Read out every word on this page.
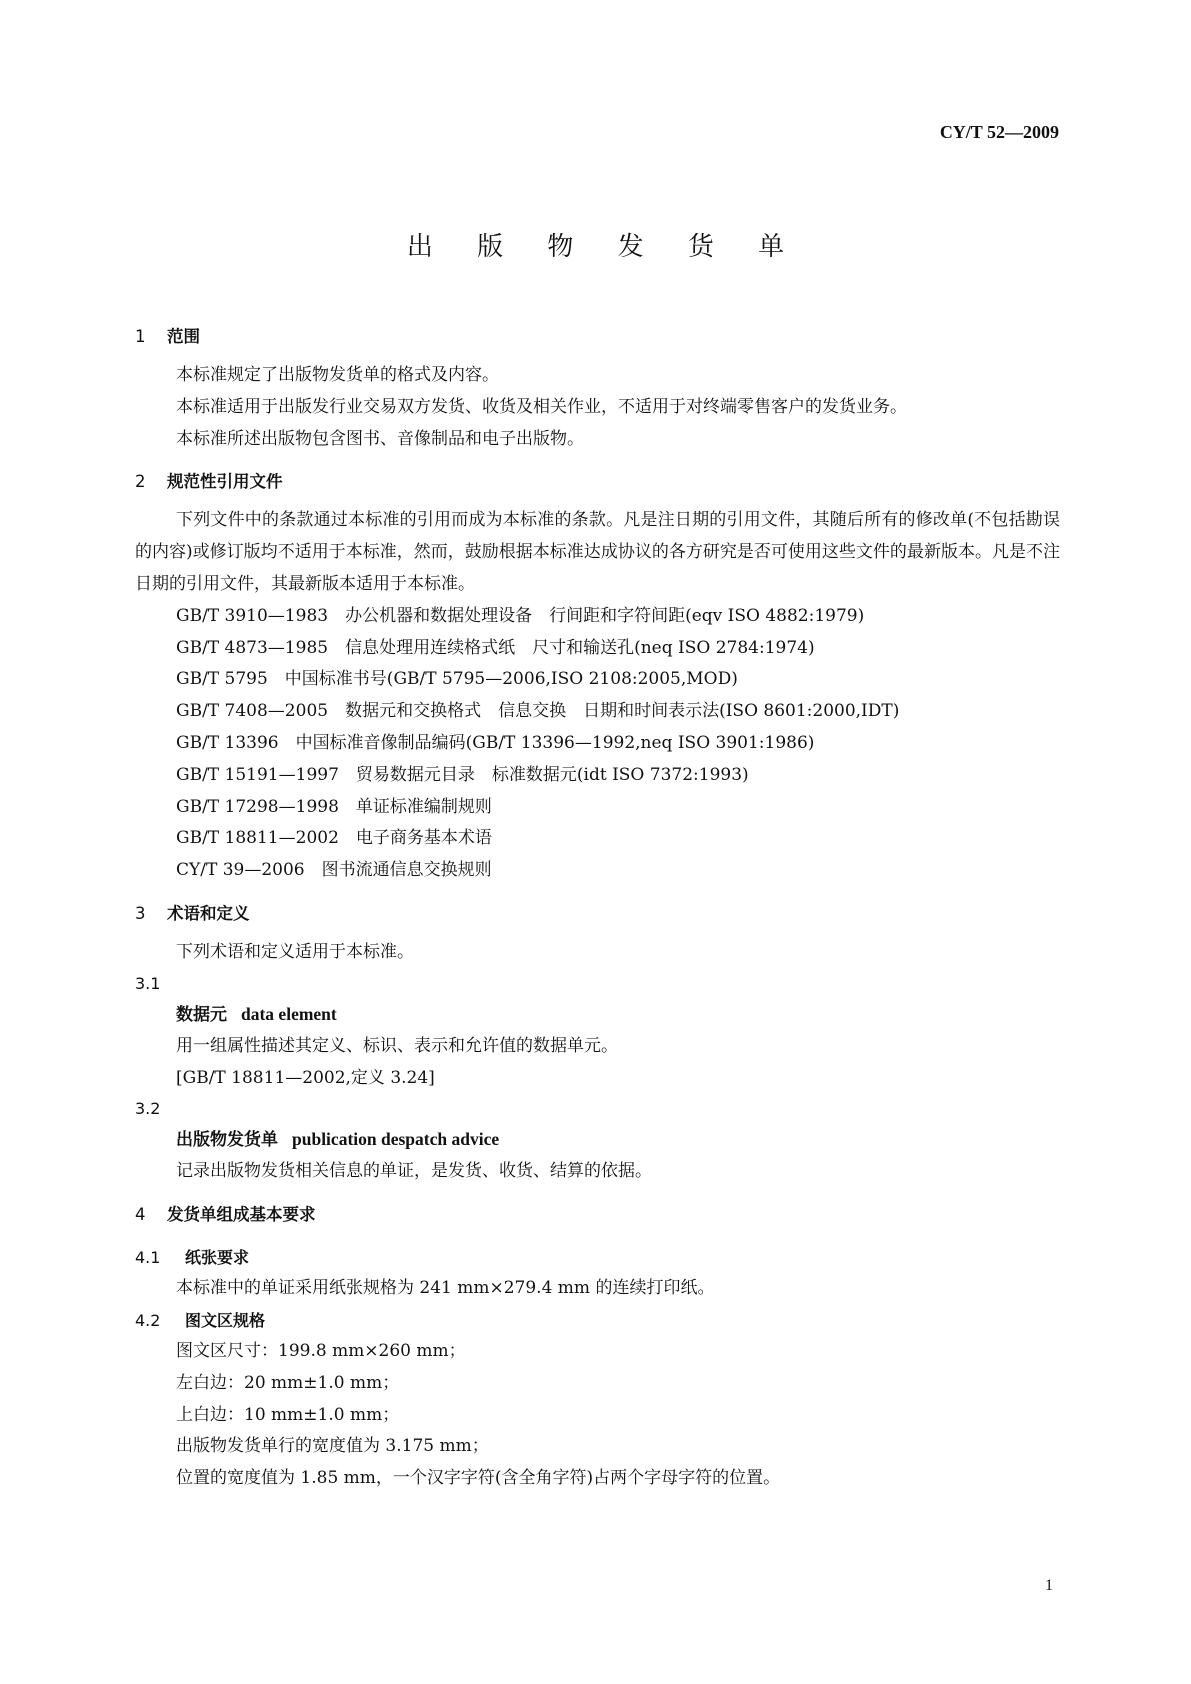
CY/T 52—2009
出 版 物 发 货 单
1 范围

本标准规定了出版物发货单的格式及内容。

本标准适用于出版发行业交易双方发货、收货及相关作业，不适用于对终端零售客户的发货业务。

本标准所述出版物包含图书、音像制品和电子出版物。

2 规范性引用文件

下列文件中的条款通过本标准的引用而成为本标准的条款。凡是注日期的引用文件，其随后所有的修改单(不包括勘误的内容)或修订版均不适用于本标准，然而，鼓励根据本标准达成协议的各方研究是否可使用这些文件的最新版本。凡是不注日期的引用文件，其最新版本适用于本标准。

GB/T 3910—1983　办公机器和数据处理设备　行间距和字符间距(eqv ISO 4882:1979)

GB/T 4873—1985　信息处理用连续格式纸　尺寸和输送孔(neq ISO 2784:1974)

GB/T 5795　中国标准书号(GB/T 5795—2006,ISO 2108:2005,MOD)

GB/T 7408—2005　数据元和交换格式　信息交换　日期和时间表示法(ISO 8601:2000,IDT)

GB/T 13396　中国标准音像制品编码(GB/T 13396—1992,neq ISO 3901:1986)

GB/T 15191—1997　贸易数据元目录　标准数据元(idt ISO 7372:1993)

GB/T 17298—1998　单证标准编制规则

GB/T 18811—2002　电子商务基本术语

CY/T 39—2006　图书流通信息交换规则

3 术语和定义

下列术语和定义适用于本标准。

3.1

数据元 data element

用一组属性描述其定义、标识、表示和允许值的数据单元。

[GB/T 18811—2002,定义 3.24]

3.2

出版物发货单 publication despatch advice

记录出版物发货相关信息的单证，是发货、收货、结算的依据。

4 发货单组成基本要求
4.1 纸张要求

本标准中的单证采用纸张规格为 241 mm×279.4 mm 的连续打印纸。

4.2 图文区规格

图文区尺寸：199.8 mm×260 mm；

左白边：20 mm±1.0 mm；

上白边：10 mm±1.0 mm；

出版物发货单行的宽度值为 3.175 mm；

位置的宽度值为 1.85 mm，一个汉字字符(含全角字符)占两个字母字符的位置。

1
